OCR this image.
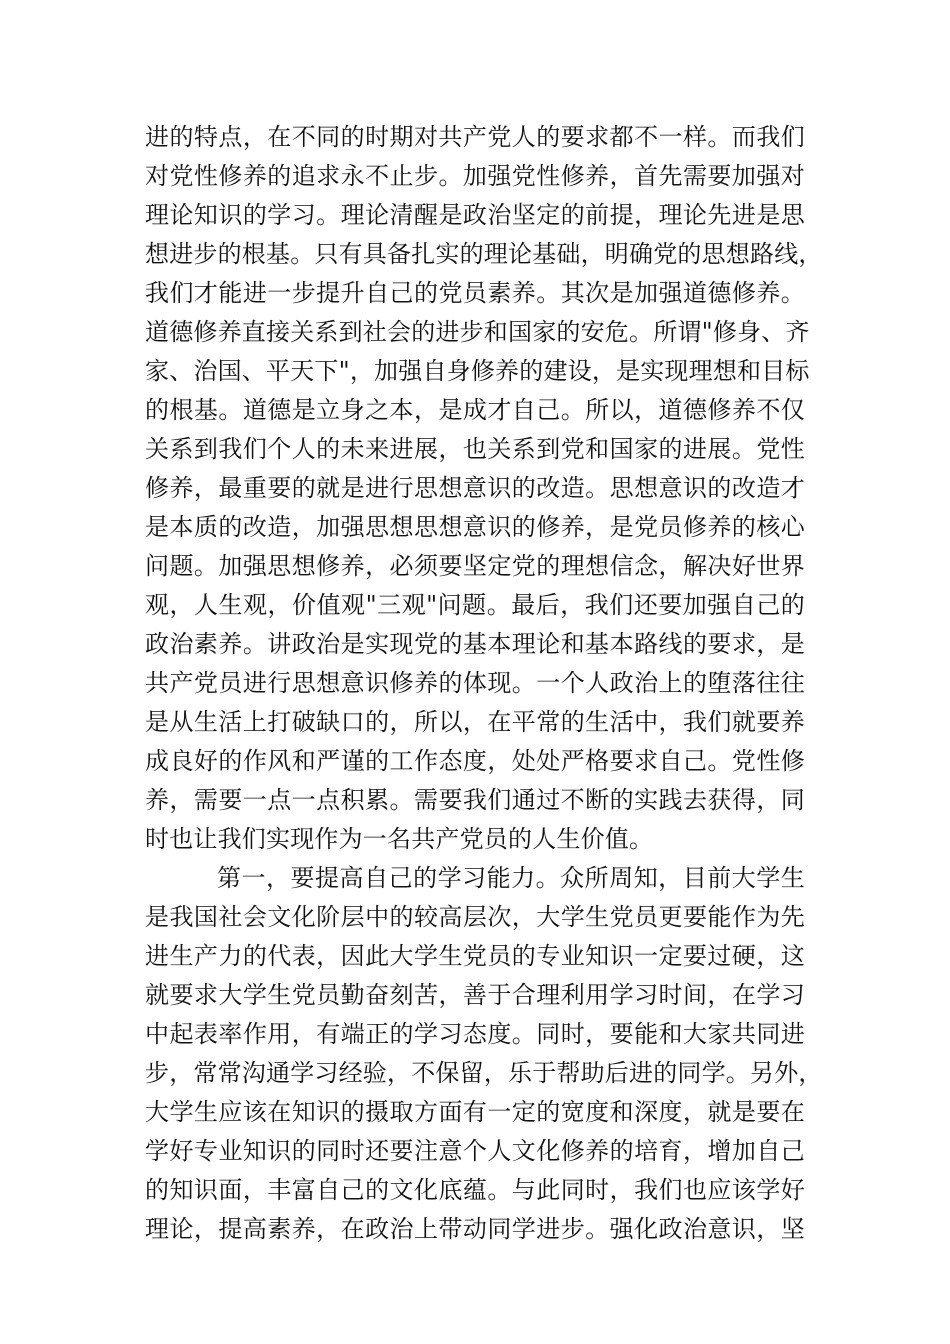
进的特点，在不同的时期对共产党人的要求都不一样。而我们
对党性修养的追求永不止步。加强党性修养，首先需要加强对
理论知识的学习。理论清醒是政治坚定的前提，理论先进是思
想进步的根基。只有具备扎实的理论基础，明确党的思想路线，
我们才能进一步提升自己的党员素养。其次是加强道德修养。
道德修养直接关系到社会的进步和国家的安危。所谓"修身、齐
家、治国、平天下"，加强自身修养的建设，是实现理想和目标
的根基。道德是立身之本，是成才自己。所以，道德修养不仅
关系到我们个人的未来进展，也关系到党和国家的进展。党性
修养，最重要的就是进行思想意识的改造。思想意识的改造才
是本质的改造，加强思想思想意识的修养，是党员修养的核心
问题。加强思想修养，必须要坚定党的理想信念，解决好世界
观，人生观，价值观"三观"问题。最后，我们还要加强自己的
政治素养。讲政治是实现党的基本理论和基本路线的要求，是
共产党员进行思想意识修养的体现。一个人政治上的堕落往往
是从生活上打破缺口的，所以，在平常的生活中，我们就要养
成良好的作风和严谨的工作态度，处处严格要求自己。党性修
养，需要一点一点积累。需要我们通过不断的实践去获得，同
时也让我们实现作为一名共产党员的人生价值。
第一，要提高自己的学习能力。众所周知，目前大学生
是我国社会文化阶层中的较高层次，大学生党员更要能作为先
进生产力的代表，因此大学生党员的专业知识一定要过硬，这
就要求大学生党员勤奋刻苦，善于合理利用学习时间，在学习
中起表率作用，有端正的学习态度。同时，要能和大家共同进
步，常常沟通学习经验，不保留，乐于帮助后进的同学。另外，
大学生应该在知识的摄取方面有一定的宽度和深度，就是要在
学好专业知识的同时还要注意个人文化修养的培育，增加自己
的知识面，丰富自己的文化底蕴。与此同时，我们也应该学好
理论，提高素养，在政治上带动同学进步。强化政治意识，坚
